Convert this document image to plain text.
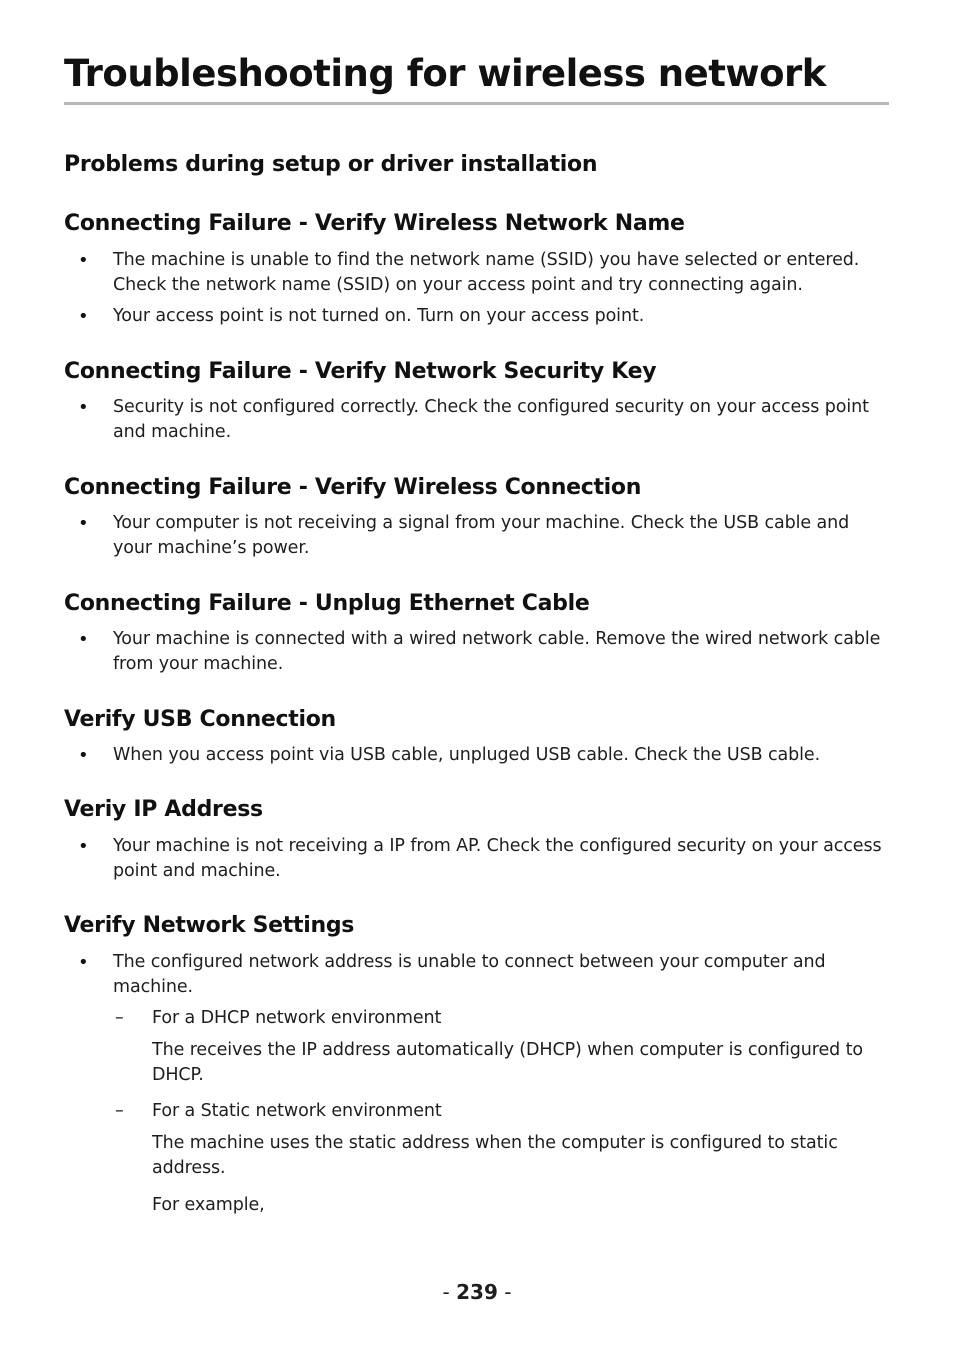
Troubleshooting for wireless network
Problems during setup or driver installation
Connecting Failure - Verify Wireless Network Name
• The machine is unable to find the network name (SSID) you have selected or entered. Check the network name (SSID) on your access point and try connecting again.
• Your access point is not turned on. Turn on your access point.
Connecting Failure - Verify Network Security Key
• Security is not configured correctly. Check the configured security on your access point and machine.
Connecting Failure - Verify Wireless Connection
• Your computer is not receiving a signal from your machine. Check the USB cable and your machine’s power.
Connecting Failure - Unplug Ethernet Cable
• Your machine is connected with a wired network cable. Remove the wired network cable from your machine.
Verify USB Connection
• When you access point via USB cable, unpluged USB cable. Check the USB cable.
Veriy IP Address
• Your machine is not receiving a IP from AP. Check the configured security on your access point and machine.
Verify Network Settings
• The configured network address is unable to connect between your computer and machine.
– For a DHCP network environment
The receives the IP address automatically (DHCP) when computer is configured to DHCP.
– For a Static network environment
The machine uses the static address when the computer is configured to static address.
For example,
- 239 -
